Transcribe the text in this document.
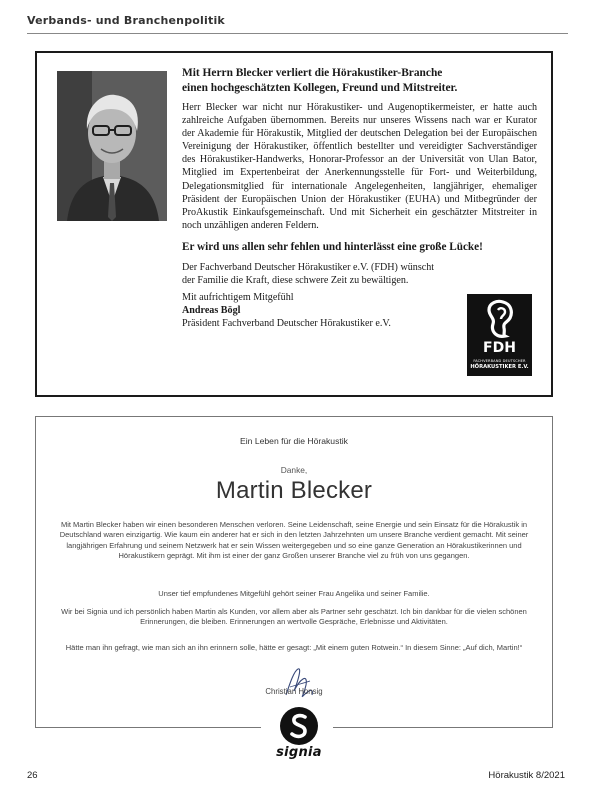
Verbands- und Branchenpolitik
Mit Herrn Blecker verliert die Hörakustiker-Branche
einen hochgeschätzten Kollegen, Freund und Mitstreiter.

Herr Blecker war nicht nur Hörakustiker- und Augenoptikermeister, er hatte auch zahlreiche Aufgaben übernommen. Bereits nur unseres Wissens nach war er Kurator der Akademie für Hörakustik, Mitglied der deutschen Delegation bei der Europäischen Vereinigung der Hörakustiker, öffentlich bestellter und vereidigter Sachverständiger des Hörakustiker-Handwerks, Honorar-Professor an der Universität von Ulan Bator, Mitglied im Expertenbeirat der Anerkennungsstelle für Fort- und Weiterbildung, Delegationsmitglied für internationale Angelegenheiten, langjähriger, ehemaliger Präsident der Europäischen Union der Hörakustiker (EUHA) und Mitbegründer der ProAkustik Einkaufsgemeinschaft. Und mit Sicherheit ein geschätzter Mitstreiter in noch unzähligen anderen Feldern.

Er wird uns allen sehr fehlen und hinterlässt eine große Lücke!

Der Fachverband Deutscher Hörakustiker e.V. (FDH) wünscht der Familie die Kraft, diese schwere Zeit zu bewältigen.

Mit aufrichtigem Mitgefühl
Andreas Bögl
Präsident Fachverband Deutscher Hörakustiker e.V.
FDH
FACHVERBAND DEUTSCHER
HÖRAKUSTIKER E.V.
Ein Leben für die Hörakustik
Danke,
Martin Blecker

Mit Martin Blecker haben wir einen besonderen Menschen verloren. Seine Leidenschaft, seine Energie und sein Einsatz für die Hörakustik in Deutschland waren einzigartig. Wie kaum ein anderer hat er sich in den letzten Jahrzehnten um unsere Branche verdient gemacht. Mit seiner langjährigen Erfahrung und seinem Netzwerk hat er sein Wissen weitergegeben und so eine ganze Generation an Hörakustikerinnen und Hörakustikern geprägt. Mit ihm ist einer der ganz Großen unserer Branche viel zu früh von uns gegangen.

Unser tief empfundenes Mitgefühl gehört seiner Frau Angelika und seiner Familie.

Wir bei Signia und ich persönlich haben Martin als Kunden, vor allem aber als Partner sehr geschätzt. Ich bin dankbar für die vielen schönen Erinnerungen, die bleiben. Erinnerungen an wertvolle Gespräche, Erlebnisse und Aktivitäten.

Hätte man ihn gefragt, wie man sich an ihn erinnern solle, hätte er gesagt: „Mit einem guten Rotwein.“ In diesem Sinne: „Auf dich, Martin!“

Christian Honsig
signia
26	Hörakustik 8/2021
